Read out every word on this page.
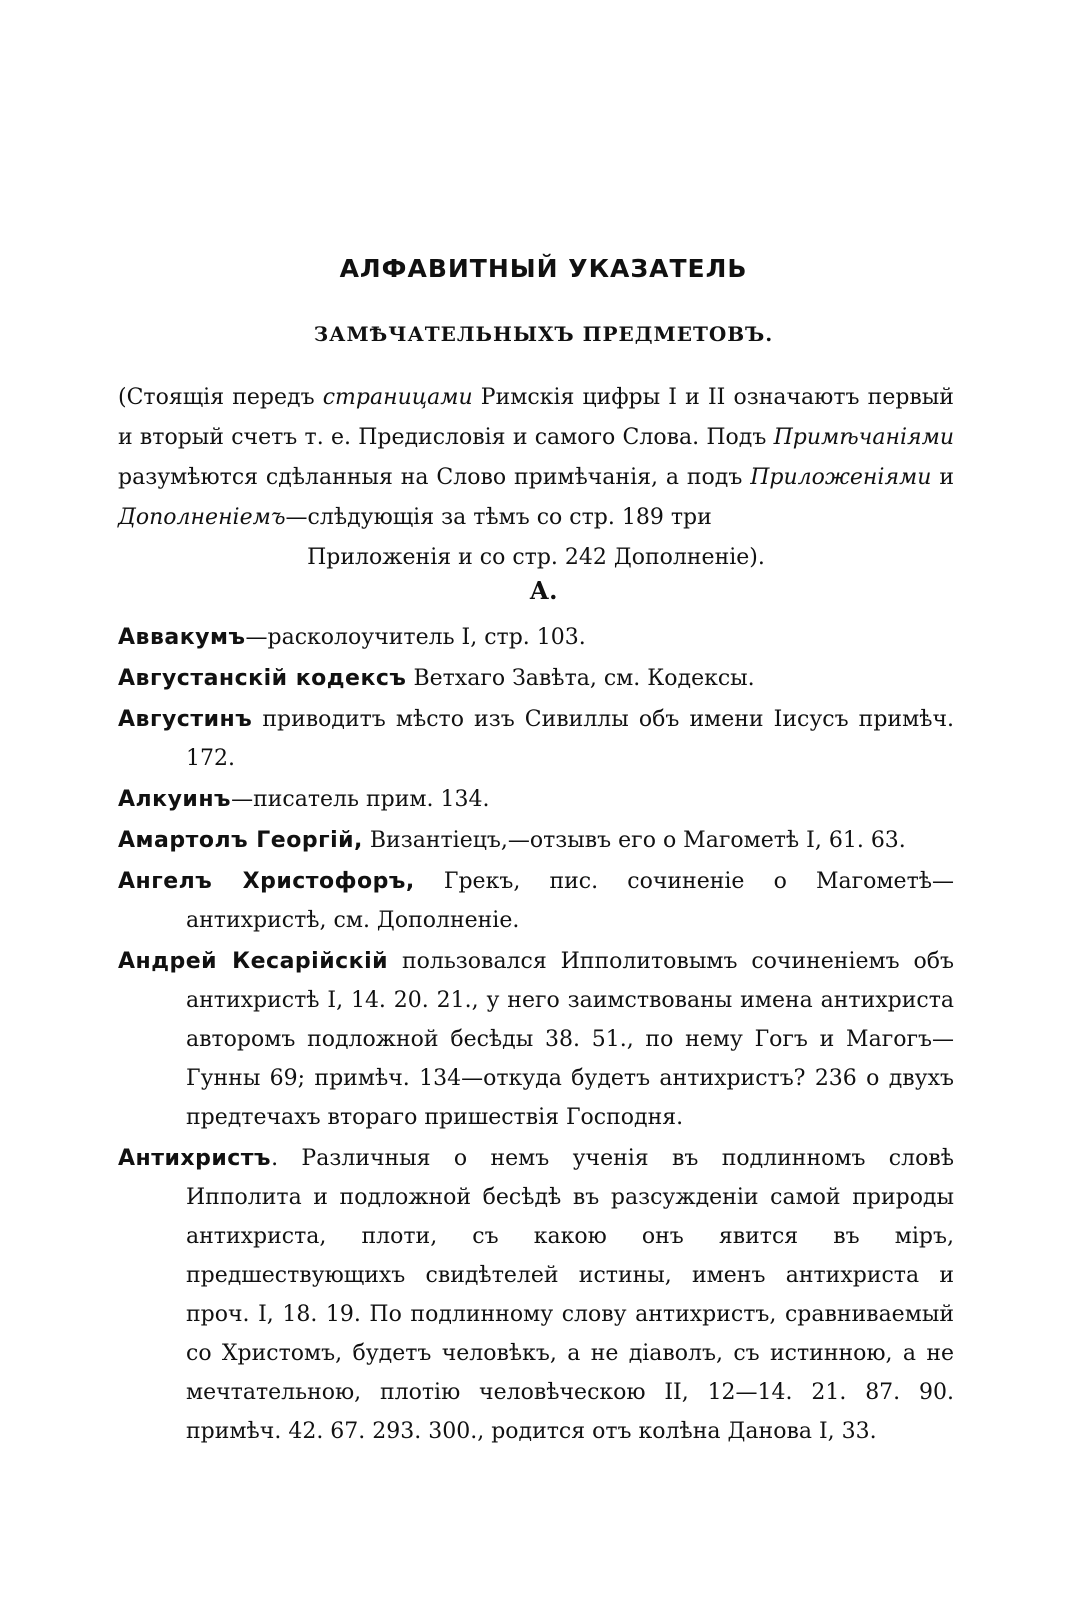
АЛФАВИТНЫЙ УКАЗАТЕЛЬ
ЗАМѢЧАТЕЛЬНЫХЪ ПРЕДМЕТОВЪ.

(Стоящія передъ страницами Римскія цифры I и II означаютъ первый и вторый счетъ т. е. Предисловія и самого Слова. Подъ Примѣчаніями разумѣются сдѣланныя на Слово примѣчанія, а подъ Приложеніями и Дополненіемъ—слѣдующія за тѣмъ со стр. 189 три
Приложенія и со стр. 242 Дополненіе).

А.

Аввакумъ—расколоучитель I, стр. 103.

Августанскій кодексъ Ветхаго Завѣта, см. Кодексы.

Августинъ приводитъ мѣсто изъ Сивиллы объ имени Іисусъ примѣч. 172.

Алкуинъ—писатель прим. 134.

Амартолъ Георгій, Византіецъ,—отзывъ его о Магометѣ I, 61. 63.

Ангелъ Христофоръ, Грекъ, пис. сочиненіе о Магометѣ—антихристѣ, см. Дополненіе.

Андрей Кесарійскій пользовался Ипполитовымъ сочиненіемъ объ антихристѣ I, 14. 20. 21., у него заимствованы имена антихриста авторомъ подложной бесѣды 38. 51., по нему Гогъ и Магогъ—Гунны 69; примѣч. 134—откуда будетъ антихристъ? 236 о двухъ предтечахъ втораго пришествія Господня.

Антихристъ. Различныя о немъ ученія въ подлинномъ словѣ Ипполита и подложной бесѣдѣ въ разсужденіи самой природы антихриста, плоти, съ какою онъ явится въ міръ, предшествующихъ свидѣтелей истины, именъ антихриста и проч. I, 18. 19. По подлинному слову антихристъ, сравниваемый со Христомъ, будетъ человѣкъ, а не діаволъ, съ истинною, а не мечтательною, плотію человѣческою II, 12—14. 21. 87. 90. примѣч. 42. 67. 293. 300., родится отъ колѣна Данова I, 33.
